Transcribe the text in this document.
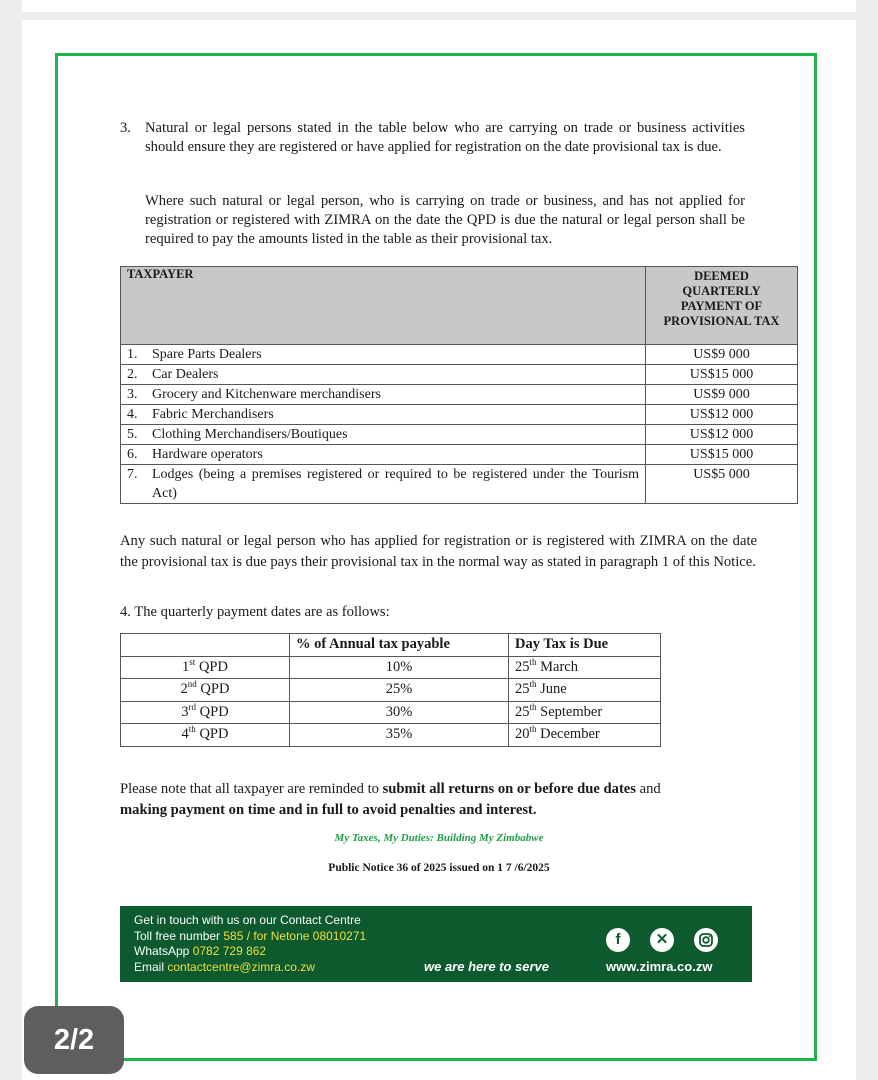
3. Natural or legal persons stated in the table below who are carrying on trade or business activities should ensure they are registered or have applied for registration on the date provisional tax is due.

Where such natural or legal person, who is carrying on trade or business, and has not applied for registration or registered with ZIMRA on the date the QPD is due the natural or legal person shall be required to pay the amounts listed in the table as their provisional tax.

TAXPAYER	DEEMED QUARTERLY PAYMENT OF PROVISIONAL TAX

1. Spare Parts Dealers	US$9 000

2. Car Dealers	US$15 000

3. Grocery and Kitchenware merchandisers	US$9 000

4. Fabric Merchandisers	US$12 000

5. Clothing Merchandisers/Boutiques	US$12 000

6. Hardware operators	US$15 000

7. Lodges (being a premises registered or required to be registered under the Tourism Act)	US$5 000

Any such natural or legal person who has applied for registration or is registered with ZIMRA on the date the provisional tax is due pays their provisional tax in the normal way as stated in paragraph 1 of this Notice.

4. The quarterly payment dates are as follows:
	% of Annual tax payable	Day Tax is Due
1st QPD	10%	25th March
2nd QPD	25%	25th June
3rd QPD	30%	25th September
4th QPD	35%	20th December

Please note that all taxpayer are reminded to submit all returns on or before due dates and
making payment on time and in full to avoid penalties and interest.

My Taxes, My Duties: Building My Zimbabwe
Public Notice 36 of 2025 issued on 1 7 /6/2025
Get in touch with us on our Contact Centre
Toll free number 585 / for Netone 08010271
WhatsApp 0782 729 862
Email contactcentre@zimra.co.zw
f	✕
we are here to serve	www.zimra.co.zw
2/2
